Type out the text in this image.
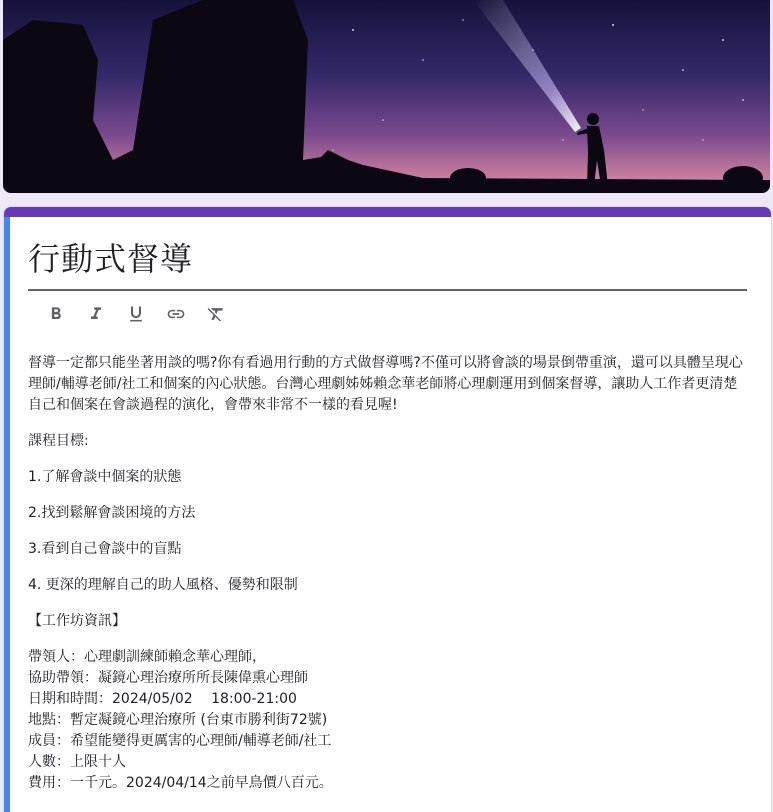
行動式督導

督導一定都只能坐著用談的嗎?你有看過用行動的方式做督導嗎?不僅可以將會談的場景倒帶重演，還可以具體呈現心理師/輔導老師/社工和個案的內心狀態。台灣心理劇姊姊賴念華老師將心理劇運用到個案督導，讓助人工作者更清楚自己和個案在會談過程的演化，會帶來非常不一樣的看見喔!

課程目標:

1.了解會談中個案的狀態

2.找到鬆解會談困境的方法

3.看到自己會談中的盲點

4. 更深的理解自己的助人風格、優勢和限制

【工作坊資訊】

帶領人：心理劇訓練師賴念華心理師，
協助帶領：凝鏡心理治療所所長陳偉熏心理師
日期和時間：2024/05/02　 18:00-21:00
地點：暫定凝鏡心理治療所 (台東市勝利街72號)
成員：希望能變得更厲害的心理師/輔導老師/社工
人數：上限十人
費用：一千元。2024/04/14之前早鳥價八百元。
